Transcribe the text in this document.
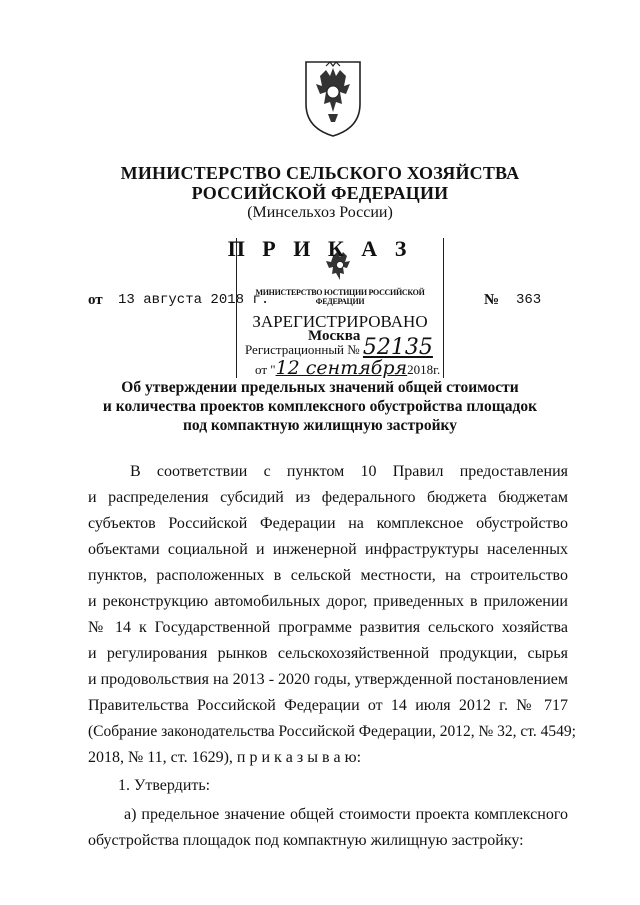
МИНИСТЕРСТВО СЕЛЬСКОГО ХОЗЯЙСТВА
РОССИЙСКОЙ ФЕДЕРАЦИИ
(Минсельхоз России)
МИНИСТЕРСТВО ЮСТИЦИИ РОССИЙСКОЙ ФЕДЕРАЦИИ
ЗАРЕГИСТРИРОВАНО
Регистрационный № 52135
от "12 сентября2018г.
П Р И К А З
от 13 августа 2018 г.	№ 363
Москва
Об утверждении предельных значений общей стоимости
и количества проектов комплексного обустройства площадок
под компактную жилищную застройку
В соответствии с пунктом 10 Правил предоставления
и распределения субсидий из федерального бюджета бюджетам
субъектов Российской Федерации на комплексное обустройство
объектами социальной и инженерной инфраструктуры населенных
пунктов, расположенных в сельской местности, на строительство
и реконструкцию автомобильных дорог, приведенных в приложении
№ 14 к Государственной программе развития сельского хозяйства
и регулирования рынков сельскохозяйственной продукции, сырья
и продовольствия на 2013 - 2020 годы, утвержденной постановлением
Правительства Российской Федерации от 14 июля 2012 г. № 717
(Собрание законодательства Российской Федерации, 2012, № 32, ст. 4549;
2018, № 11, ст. 1629), п р и к а з ы в а ю:
1. Утвердить:
а) предельное значение общей стоимости проекта комплексного
обустройства площадок под компактную жилищную застройку:
